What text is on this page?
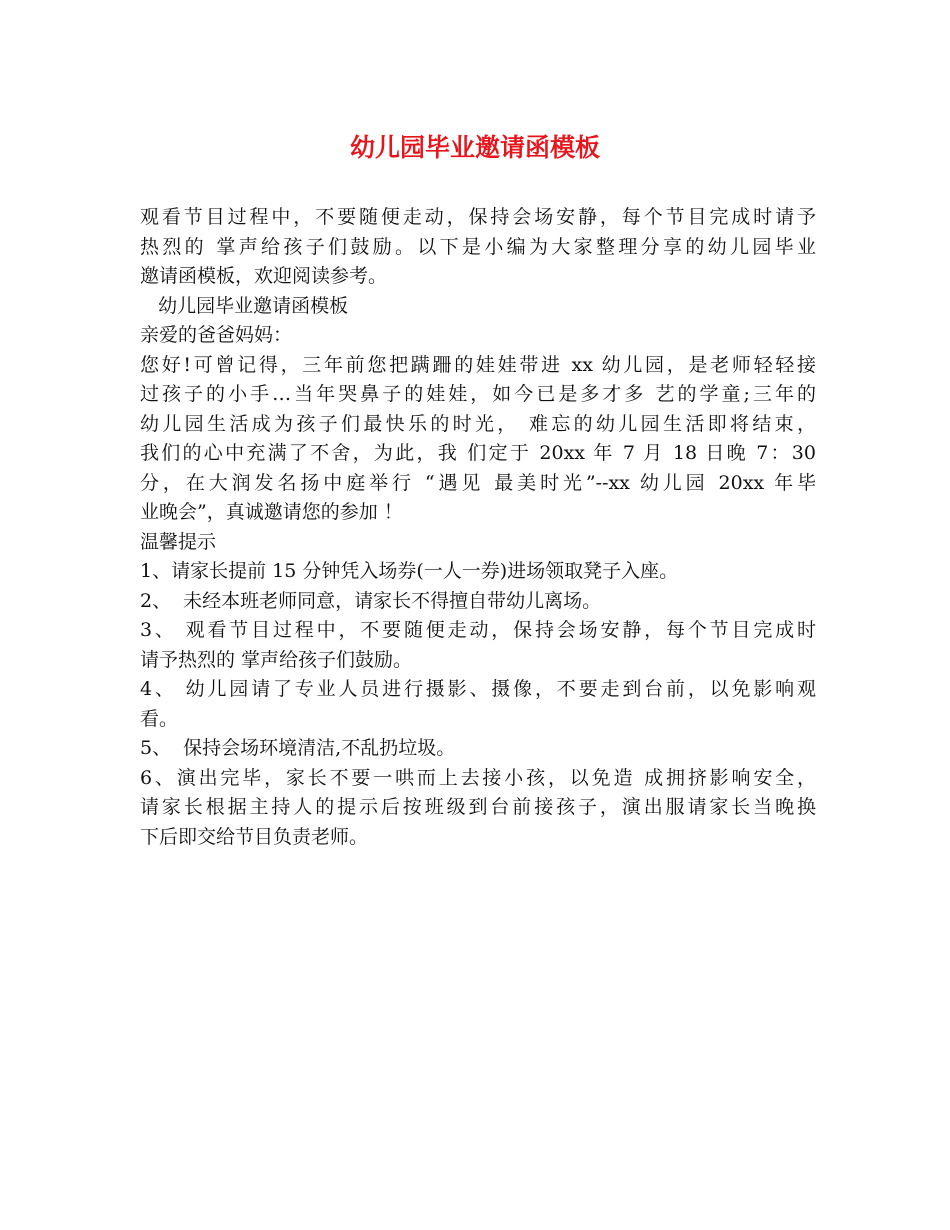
幼儿园毕业邀请函模板
观看节目过程中，不要随便走动，保持会场安静，每个节目完成时请予
热烈的 掌声给孩子们鼓励。以下是小编为大家整理分享的幼儿园毕业
邀请函模板，欢迎阅读参考。
幼儿园毕业邀请函模板
亲爱的爸爸妈妈：
您好!可曾记得，三年前您把蹒跚的娃娃带进 xx 幼儿园，是老师轻轻接
过孩子的小手…当年哭鼻子的娃娃，如今已是多才多 艺的学童;三年的
幼儿园生活成为孩子们最快乐的时光， 难忘的幼儿园生活即将结束，
我们的心中充满了不舍，为此，我 们定于 20xx 年 7 月 18 日晚 7：30
分，在大润发名扬中庭举行 “遇见 最美时光”--xx 幼儿园 20xx 年毕
业晚会”，真诚邀请您的参加 ！
温馨提示
1、请家长提前 15 分钟凭入场券(一人一券)进场领取凳子入座。
2、  未经本班老师同意，请家长不得擅自带幼儿离场。
3、 观看节目过程中，不要随便走动，保持会场安静，每个节目完成时
请予热烈的 掌声给孩子们鼓励。
4、 幼儿园请了专业人员进行摄影、摄像，不要走到台前，以免影响观
看。
5、  保持会场环境清洁,不乱扔垃圾。
6、演出完毕，家长不要一哄而上去接小孩，以免造 成拥挤影响安全，
请家长根据主持人的提示后按班级到台前接孩子，演出服请家长当晚换
下后即交给节目负责老师。
